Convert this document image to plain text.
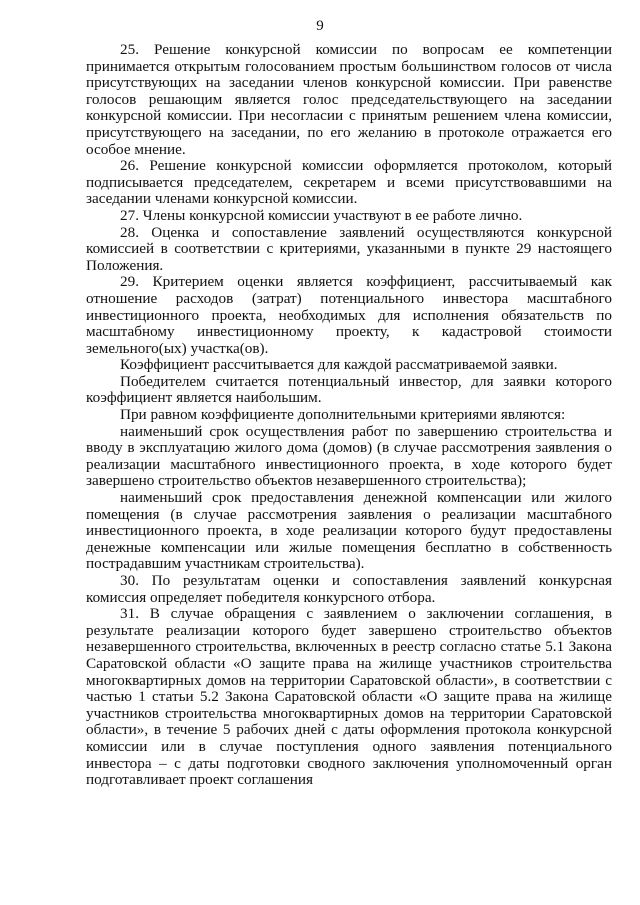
9

25. Решение конкурсной комиссии по вопросам ее компетенции принимается открытым голосованием простым большинством голосов от числа присутствующих на заседании членов конкурсной комиссии. При равенстве голосов решающим является голос председательствующего на заседании конкурсной комиссии. При несогласии с принятым решением члена комиссии, присутствующего на заседании, по его желанию в протоколе отражается его особое мнение.

26. Решение конкурсной комиссии оформляется протоколом, который подписывается председателем, секретарем и всеми присутствовавшими на заседании членами конкурсной комиссии.

27. Члены конкурсной комиссии участвуют в ее работе лично.

28. Оценка и сопоставление заявлений осуществляются конкурсной комиссией в соответствии с критериями, указанными в пункте 29 настоящего Положения.

29. Критерием оценки является коэффициент, рассчитываемый как отношение расходов (затрат) потенциального инвестора масштабного инвестиционного проекта, необходимых для исполнения обязательств по масштабному инвестиционному проекту, к кадастровой стоимости земельного(ых) участка(ов).

Коэффициент рассчитывается для каждой рассматриваемой заявки.

Победителем считается потенциальный инвестор, для заявки которого коэффициент является наибольшим.

При равном коэффициенте дополнительными критериями являются:

наименьший срок осуществления работ по завершению строительства и вводу в эксплуатацию жилого дома (домов) (в случае рассмотрения заявления о реализации масштабного инвестиционного проекта, в ходе которого будет завершено строительство объектов незавершенного строительства);

наименьший срок предоставления денежной компенсации или жилого помещения (в случае рассмотрения заявления о реализации масштабного инвестиционного проекта, в ходе реализации которого будут предоставлены денежные компенсации или жилые помещения бесплатно в собственность пострадавшим участникам строительства).

30. По результатам оценки и сопоставления заявлений конкурсная комиссия определяет победителя конкурсного отбора.

31. В случае обращения с заявлением о заключении соглашения, в результате реализации которого будет завершено строительство объектов незавершенного строительства, включенных в реестр согласно статье 5.1 Закона Саратовской области «О защите права на жилище участников строительства многоквартирных домов на территории Саратовской области», в соответствии с частью 1 статьи 5.2 Закона Саратовской области «О защите права на жилище участников строительства многоквартирных домов на территории Саратовской области», в течение 5 рабочих дней с даты оформления протокола конкурсной комиссии или в случае поступления одного заявления потенциального инвестора – с даты подготовки сводного заключения уполномоченный орган подготавливает проект соглашения
